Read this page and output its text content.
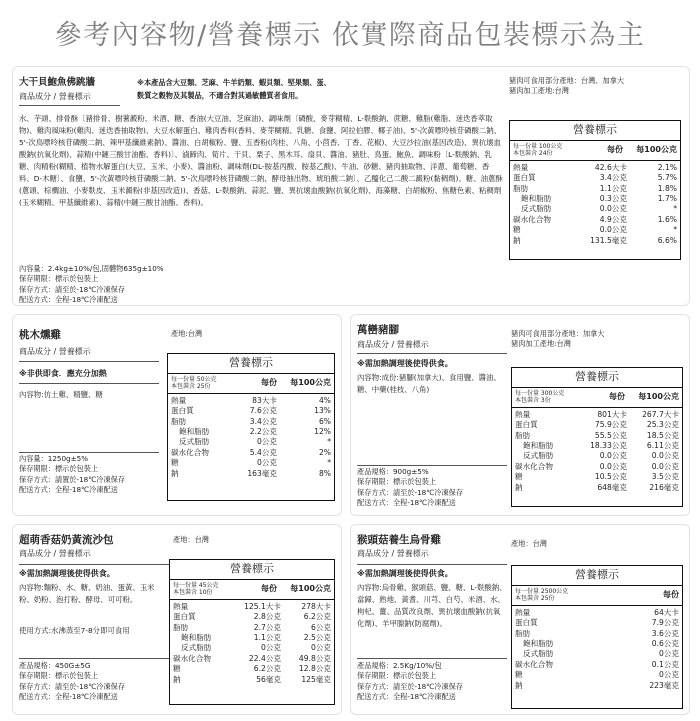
參考內容物/營養標示 依實際商品包裝標示為主
大干貝鮑魚佛跳牆
商品成分 / 營養標示
※本產品含大豆類、芝麻、牛羊奶類、蝦貝類、堅果類、蛋、
麩質之穀物及其製品，不適合對其過敏體質者食用。
豬肉可食用部分產地：台灣、加拿大
豬肉加工產地:台灣
水、芋頭、排骨酥〔豬排骨、樹薯澱粉、米酒、糖、香油(大豆油、芝麻油)、調味劑〔磷酸、麥芽糊精、L-麩酸鈉、蔗糖、雞脂(雞脂、迷迭香萃取物)、雞肉風味粉(雞肉、迷迭香抽取物)、大豆水解蛋白、雞肉香料(香料、麥芽糊精、乳糖、食鹽、阿拉伯膠、椰子油)、5'-次黃嘌呤核苷磷酸二鈉、5'-次鳥嘌呤核苷磷酸二鈉、辣甲基纖維素鈉)、醬油、白胡椒粉、鹽、五香粉(肉桂、八角、小茴香、丁香、花椒)、大豆沙拉油(基因改造)、異抗壞血酸鈉(抗氧化劑)、蒜精(中鏈三酸甘油酯、香料)〕、滷蹄肉、筍片、干貝、栗子、黑木耳、扇貝、醬油、豬肚、鳥蛋、鮑魚、調味粉〔L-麩酸鈉、乳糖、肉精粉(糊精、植物水解蛋白(大豆、玉米、小麥)、醬油粉、調味劑(DL-胺基丙酸、胺基乙酸)、牛油、砂糖、豬肉抽取物、洋蔥、葡萄糖、香料、D-木糖〕、食鹽、5'-次黃嘌呤核苷磷酸二鈉、5'-次鳥嘌呤核苷磷酸二鈉、酵母抽出物、琥珀酸二鈉〕、乙醯化己二酸二澱粉(黏稠劑)、糖、油蔥酥(蔥頭、棕櫚油、小麥麩皮、玉米澱粉(非基因改造))、香菇、L-麩酸鈉、蒜泥、鹽、異抗壞血酸鈉(抗氧化劑)、海藻糖、白胡椒粉、焦糖色素、粘稠劑(玉米糊精、甲基纖維素)、蒜精(中鏈三酸甘油酯、香料)。
內容量：2.4kg±10%/包,固體物635g±10%
保存期限：標示於包裝上
保存方式：請至於-18℃冷凍保存
配送方式：全程-18℃冷凍配送
營養標示
每一份量 100公克
本包裝含 24份	每份	每100公克
熱量	42.6大卡	2.1%
蛋白質	3.4公克	5.7%
脂肪	1.1公克	1.8%
飽和脂肪	0.3公克	1.7%
反式脂肪	0.0公克	*
碳水化合物	4.9公克	1.6%
糖	0.0公克	*
鈉	131.5毫克	6.6%
桃木燻雞
商品成分 / 營養標示
產地:台灣
※非供即食．應充分加熱
內容物:仿土雞、精鹽、糖
內容量：1250g±5%
保存期限：標示於包裝上
保存方式：請置於-18℃冷凍保存
配送方式：全程-18℃冷凍配送
營養標示
每一份量 50公克
本包裝含 25份	每份	每100公克
熱量	83大卡	4%
蛋白質	7.6公克	13%
脂肪	3.4公克	6%
飽和脂肪	2.2公克	12%
反式脂肪	0公克	*
碳水化合物	5.4公克	2%
糖	0公克	*
鈉	163毫克	8%
萬巒豬腳
商品成分 / 營養標示
豬肉可食用部分產地：加拿大
豬肉加工產地:台灣
※需加熱調理後使得供食。
內容物:成份:豬腳(加拿大)、食用鹽、醬油、糖、中藥(桂枝、八角)
產品規格：900g±5%
保存期限：標示於包裝上
保存方式：請至於-18℃冷凍保存
配送方式：全程-18℃冷凍配送
營養標示
每一份量 300公克
本包裝含 3份	每份	每100公克
熱量	801大卡	267.7大卡
蛋白質	75.9公克	25.3公克
脂肪	55.5公克	18.5公克
飽和脂肪	18.33公克	6.11公克
反式脂肪	0.0公克	0.0公克
碳水化合物	0.0公克	0.0公克
糖	10.5公克	3.5公克
鈉	648毫克	216毫克
超萌香菇奶黃流沙包
商品成分 / 營養標示
產地：台灣
※需加熱調理後使得供食。
內容物:麵粉、水、糖、奶油、蛋黃、玉米粉、奶粉、泡打粉、酵母、可可粉。
使用方式:水沸蒸至7-8分即可食用
產品規格：450G±5G
保存期限：標示於包裝上
保存方式：請至於-18℃冷凍保存
配送方式：全程-18℃冷凍配送
營養標示
每一份量 45公克
本包裝含 10份	每份	每100公克
熱量	125.1大卡	278大卡
蛋白質	2.8公克	6.2公克
脂肪	2.7公克	6公克
飽和脂肪	1.1公克	2.5公克
反式脂肪	0公克	0公克
碳水化合物	22.4公克	49.8公克
糖	6.2公克	12.8公克
鈉	56毫克	125毫克
猴頭菇養生烏骨雞
商品成分 / 營養標示
產地：台灣
※需加熱調理後使得供食。
內容物:烏骨雞、猴頭菇、鹽、糖、L-麩酸鈉、當歸、熟地、黃耆、川芎、白芍、米酒、水、枸杞、薑、品質改良劑、異抗壞血酸鈉(抗氧化劑)、羊甲腺鈉(防腐劑)。
產品規格：2.5Kg/10%/包
保存期限：標示於包裝上
保存方式：請至於-18℃冷凍保存
配送方式：全程-18℃冷凍配送
營養標示
每一份量 2500公克
本包裝含 25份	每份
熱量	64大卡
蛋白質	7.9公克
脂肪	3.6公克
飽和脂肪	0.6公克
反式脂肪	0公克
碳水化合物	0.1公克
糖	0公克
鈉	223毫克
